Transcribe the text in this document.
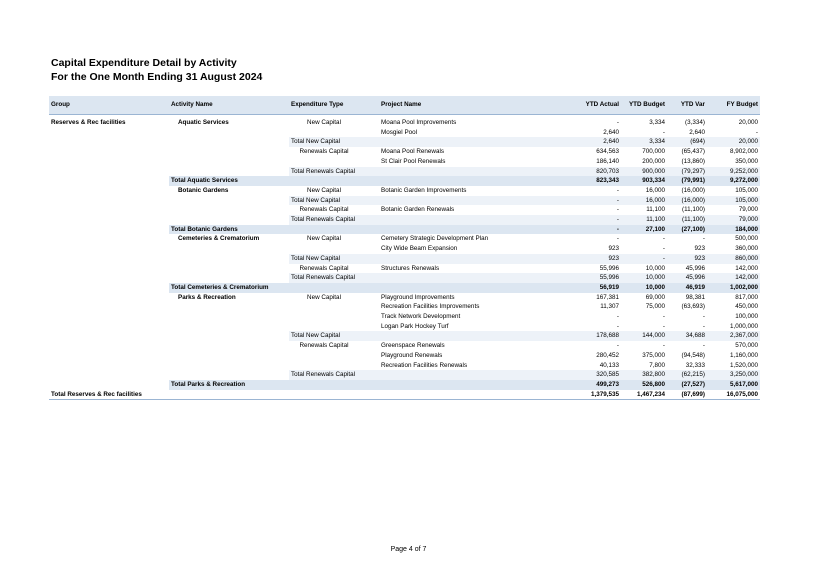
Capital Expenditure Detail by Activity
For the One Month Ending 31 August 2024
Group	Activity Name	Expenditure Type	Project Name	YTD Actual	YTD Budget	YTD Var	FY Budget

Reserves & Rec facilities	Aquatic Services	New Capital	Moana Pool Improvements	-	3,334	(3,334)	20,000
			Mosgiel Pool	2,640	-	2,640	-
		Total New Capital		2,640	3,334	(694)	20,000
		Renewals Capital	Moana Pool Renewals	634,563	700,000	(65,437)	8,902,000
			St Clair Pool Renewals	186,140	200,000	(13,860)	350,000
		Total Renewals Capital		820,703	900,000	(79,297)	9,252,000
	Total Aquatic Services			823,343	903,334	(79,991)	9,272,000
	Botanic Gardens	New Capital	Botanic Garden Improvements	-	16,000	(16,000)	105,000
		Total New Capital		-	16,000	(16,000)	105,000
		Renewals Capital	Botanic Garden Renewals	-	11,100	(11,100)	79,000
		Total Renewals Capital		-	11,100	(11,100)	79,000
	Total Botanic Gardens			-	27,100	(27,100)	184,000
	Cemeteries & Crematorium	New Capital	Cemetery Strategic Development Plan	-	-	-	500,000
			City Wide Beam Expansion	923	-	923	360,000
		Total New Capital		923	-	923	860,000
		Renewals Capital	Structures Renewals	55,996	10,000	45,996	142,000
		Total Renewals Capital		55,996	10,000	45,996	142,000
	Total Cemeteries & Crematorium			56,919	10,000	46,919	1,002,000
	Parks & Recreation	New Capital	Playground Improvements	167,381	69,000	98,381	817,000
			Recreation Facilities Improvements	11,307	75,000	(63,693)	450,000
			Track Network Development	-	-	-	100,000
			Logan Park Hockey Turf	-	-	-	1,000,000
		Total New Capital		178,688	144,000	34,688	2,367,000
		Renewals Capital	Greenspace Renewals	-	-	-	570,000
			Playground Renewals	280,452	375,000	(94,548)	1,160,000
			Recreation Facilities Renewals	40,133	7,800	32,333	1,520,000
		Total Renewals Capital		320,585	382,800	(62,215)	3,250,000
	Total Parks & Recreation			499,273	526,800	(27,527)	5,617,000
Total Reserves & Rec facilities				1,379,535	1,467,234	(87,699)	16,075,000
Page 4 of 7
